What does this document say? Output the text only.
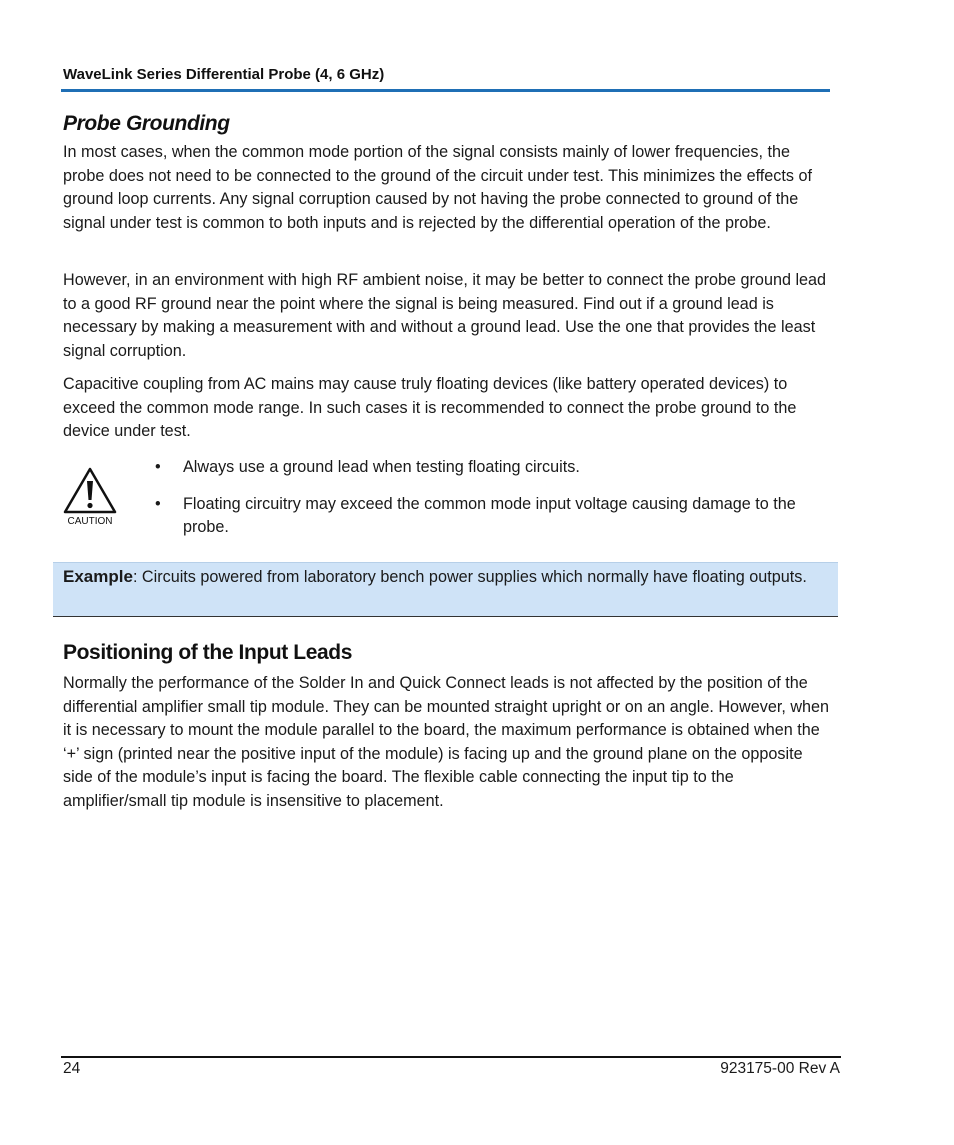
WaveLink Series Differential Probe (4, 6 GHz)
Probe Grounding
In most cases, when the common mode portion of the signal consists mainly of lower frequencies, the probe does not need to be connected to the ground of the circuit under test. This minimizes the effects of ground loop currents. Any signal corruption caused by not having the probe connected to ground of the signal under test is common to both inputs and is rejected by the differential operation of the probe.
However, in an environment with high RF ambient noise, it may be better to connect the probe ground lead to a good RF ground near the point where the signal is being measured. Find out if a ground lead is necessary by making a measurement with and without a ground lead. Use the one that provides the least signal corruption.
Capacitive coupling from AC mains may cause truly floating devices (like battery operated devices) to exceed the common mode range. In such cases it is recommended to connect the probe ground to the device under test.
CAUTION
• Always use a ground lead when testing floating circuits.
• Floating circuitry may exceed the common mode input voltage causing damage to the probe.
Example: Circuits powered from laboratory bench power supplies which normally have floating outputs.
Positioning of the Input Leads
Normally the performance of the Solder In and Quick Connect leads is not affected by the position of the differential amplifier small tip module. They can be mounted straight upright or on an angle. However, when it is necessary to mount the module parallel to the board, the maximum performance is obtained when the ‘+’ sign (printed near the positive input of the module) is facing up and the ground plane on the opposite side of the module’s input is facing the board. The flexible cable connecting the input tip to the amplifier/small tip module is insensitive to placement.
24	923175-00 Rev A
